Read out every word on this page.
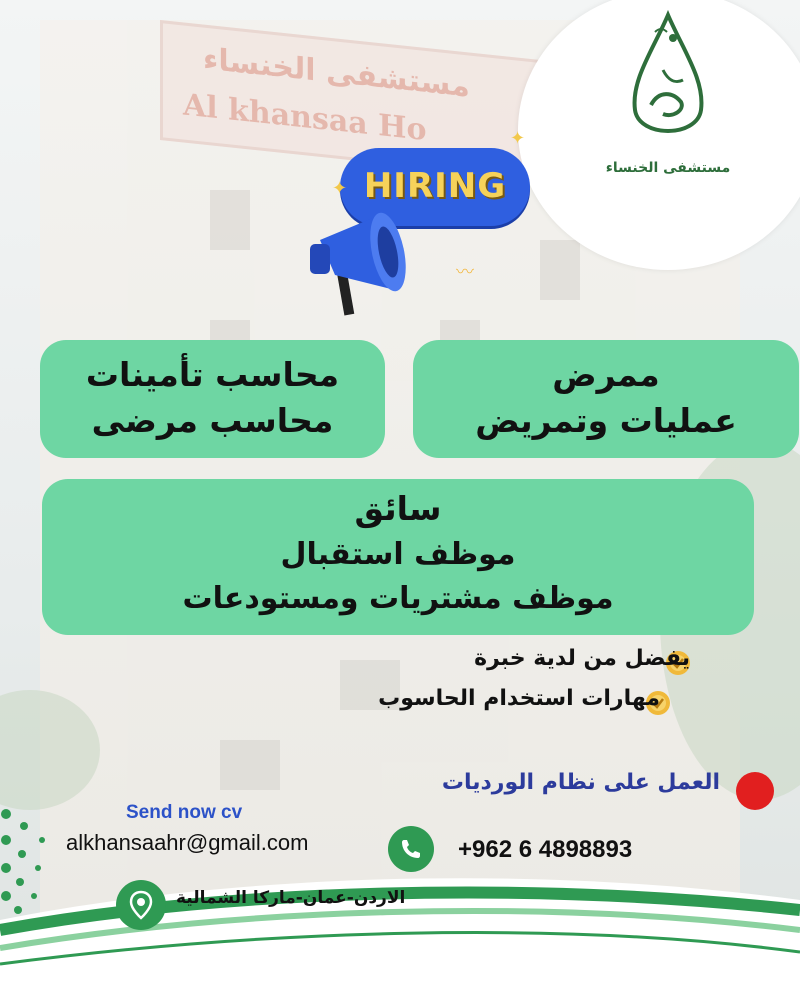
مستشفى الخنساء
Al khansaa Ho
مستشفى الخنساء
HIRING
✦
✦
〰
محاسب تأمينات
محاسب مرضى
ممرض
عمليات وتمريض
سائق
موظف استقبال
موظف مشتريات ومستودعات
يفضل من لدية خبرة
مهارات استخدام الحاسوب
العمل على نظام الورديات
Send now cv
alkhansaahr@gmail.com	+962 6 4898893
الاردن-عمان-ماركا الشمالية
